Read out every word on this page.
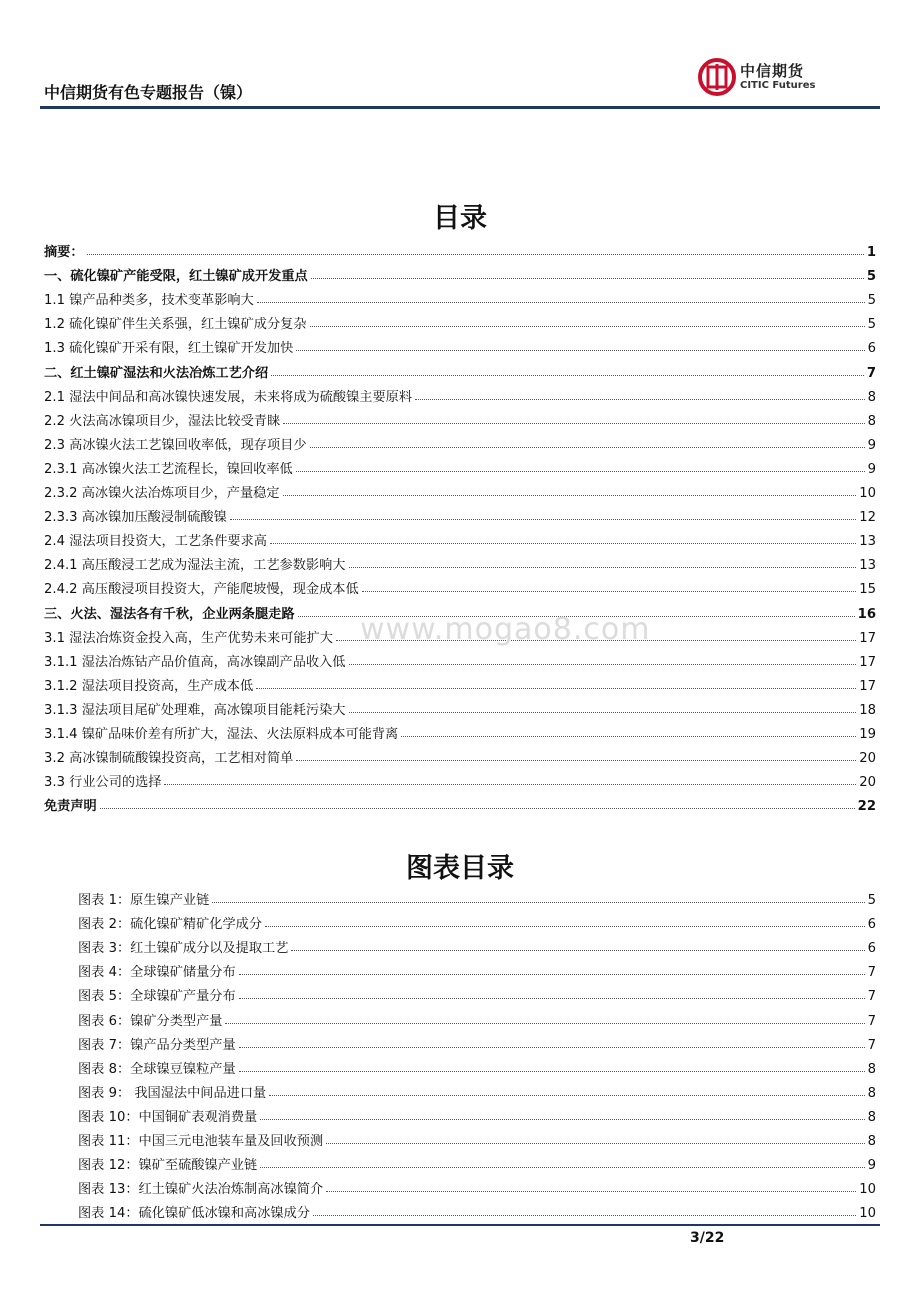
中信期货有色专题报告（镍）
中信期货
CITIC Futures
目录
摘要：	1
一、硫化镍矿产能受限，红土镍矿成开发重点	5
1.1 镍产品种类多，技术变革影响大	5
1.2 硫化镍矿伴生关系强，红土镍矿成分复杂	5
1.3 硫化镍矿开采有限，红土镍矿开发加快	6
二、红土镍矿湿法和火法冶炼工艺介绍	7
2.1 湿法中间品和高冰镍快速发展，未来将成为硫酸镍主要原料	8
2.2 火法高冰镍项目少，湿法比较受青睐	8
2.3 高冰镍火法工艺镍回收率低，现存项目少	9
2.3.1 高冰镍火法工艺流程长，镍回收率低	9
2.3.2 高冰镍火法冶炼项目少，产量稳定	10
2.3.3 高冰镍加压酸浸制硫酸镍	12
2.4 湿法项目投资大，工艺条件要求高	13
2.4.1 高压酸浸工艺成为湿法主流，工艺参数影响大	13
2.4.2 高压酸浸项目投资大，产能爬坡慢，现金成本低	15
三、火法、湿法各有千秋，企业两条腿走路	16
3.1 湿法冶炼资金投入高，生产优势未来可能扩大	17
3.1.1 湿法冶炼钴产品价值高，高冰镍副产品收入低	17
3.1.2 湿法项目投资高，生产成本低	17
3.1.3 湿法项目尾矿处理难，高冰镍项目能耗污染大	18
3.1.4 镍矿品味价差有所扩大，湿法、火法原料成本可能背离	19
3.2 高冰镍制硫酸镍投资高，工艺相对简单	20
3.3 行业公司的选择	20
免责声明	22
www.mogao8.com
图表目录
图表 1：原生镍产业链	5
图表 2：硫化镍矿精矿化学成分	6
图表 3：红土镍矿成分以及提取工艺	6
图表 4：全球镍矿储量分布	7
图表 5：全球镍矿产量分布	7
图表 6：镍矿分类型产量	7
图表 7：镍产品分类型产量	7
图表 8：全球镍豆镍粒产量	8
图表 9： 我国湿法中间品进口量	8
图表 10：中国铜矿表观消费量	8
图表 11：中国三元电池装车量及回收预测	8
图表 12：镍矿至硫酸镍产业链	9
图表 13：红土镍矿火法冶炼制高冰镍简介	10
图表 14：硫化镍矿低冰镍和高冰镍成分	10
3/22
